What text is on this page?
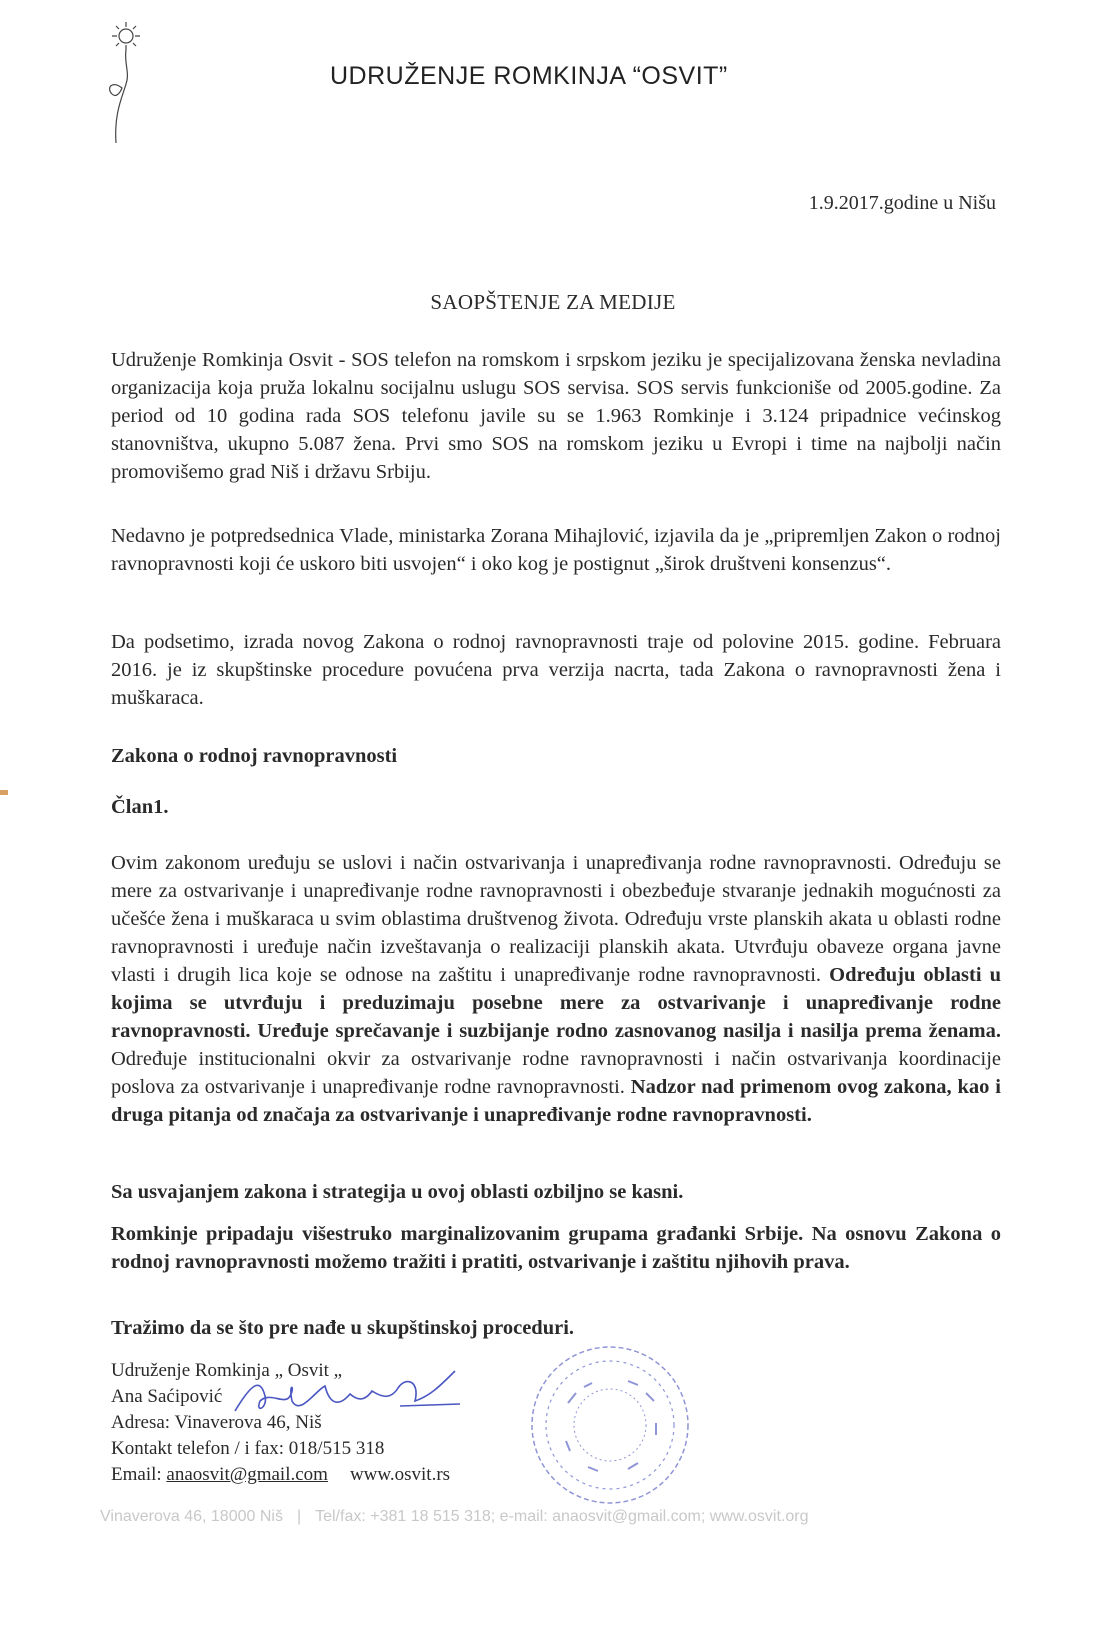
UDRUŽENJE ROMKINJA “OSVIT”
1.9.2017.godine u Nišu
SAOPŠTENJE ZA MEDIJE
Udruženje Romkinja Osvit - SOS telefon na romskom i srpskom jeziku je specijalizovana ženska nevladina organizacija koja pruža lokalnu socijalnu uslugu SOS servisa. SOS servis funkcioniše od 2005.godine. Za period od 10 godina rada SOS telefonu javile su se 1.963 Romkinje i 3.124 pripadnice većinskog stanovništva, ukupno 5.087 žena. Prvi smo SOS na romskom jeziku u Evropi i time na najbolji način promovišemo grad Niš i državu Srbiju.
Nedavno je potpredsednica Vlade, ministarka Zorana Mihajlović, izjavila da je „pripremljen Zakon o rodnoj ravnopravnosti koji će uskoro biti usvojen“ i oko kog je postignut „širok društveni konsenzus“.
Da podsetimo, izrada novog Zakona o rodnoj ravnopravnosti traje od polovine 2015. godine. Februara 2016. je iz skupštinske procedure povućena prva verzija nacrta, tada Zakona o ravnopravnosti žena i muškaraca.
Zakona o rodnoj ravnopravnosti
Član1.
Ovim zakonom uređuju se uslovi i način ostvarivanja i unapređivanja rodne ravnopravnosti. Određuju se mere za ostvarivanje i unapređivanje rodne ravnopravnosti i obezbeđuje stvaranje jednakih mogućnosti za učešće žena i muškaraca u svim oblastima društvenog života. Određuju vrste planskih akata u oblasti rodne ravnopravnosti i uređuje način izveštavanja o realizaciji planskih akata. Utvrđuju obaveze organa javne vlasti i drugih lica koje se odnose na zaštitu i unapređivanje rodne ravnopravnosti. Određuju oblasti u kojima se utvrđuju i preduzimaju posebne mere za ostvarivanje i unapređivanje rodne ravnopravnosti. Uređuje sprečavanje i suzbijanje rodno zasnovanog nasilja i nasilja prema ženama. Određuje institucionalni okvir za ostvarivanje rodne ravnopravnosti i način ostvarivanja koordinacije poslova za ostvarivanje i unapređivanje rodne ravnopravnosti. Nadzor nad primenom ovog zakona, kao i druga pitanja od značaja za ostvarivanje i unapređivanje rodne ravnopravnosti.
Sa usvajanjem zakona i strategija u ovoj oblasti ozbiljno se kasni.
Romkinje pripadaju višestruko marginalizovanim grupama građanki Srbije. Na osnovu Zakona o rodnoj ravnopravnosti možemo tražiti i pratiti, ostvarivanje i zaštitu njihovih prava.
Tražimo da se što pre nađe u skupštinskoj proceduri.
Udruženje Romkinja „ Osvit „
Ana Saćipović
Adresa: Vinaverova 46, Niš
Kontakt telefon / i fax: 018/515 318
Email: anaosvit@gmail.com www.osvit.rs
Vinaverova 46, 18000 Niš | Tel/fax: +381 18 515 318; e-mail: anaosvit@gmail.com; www.osvit.org
